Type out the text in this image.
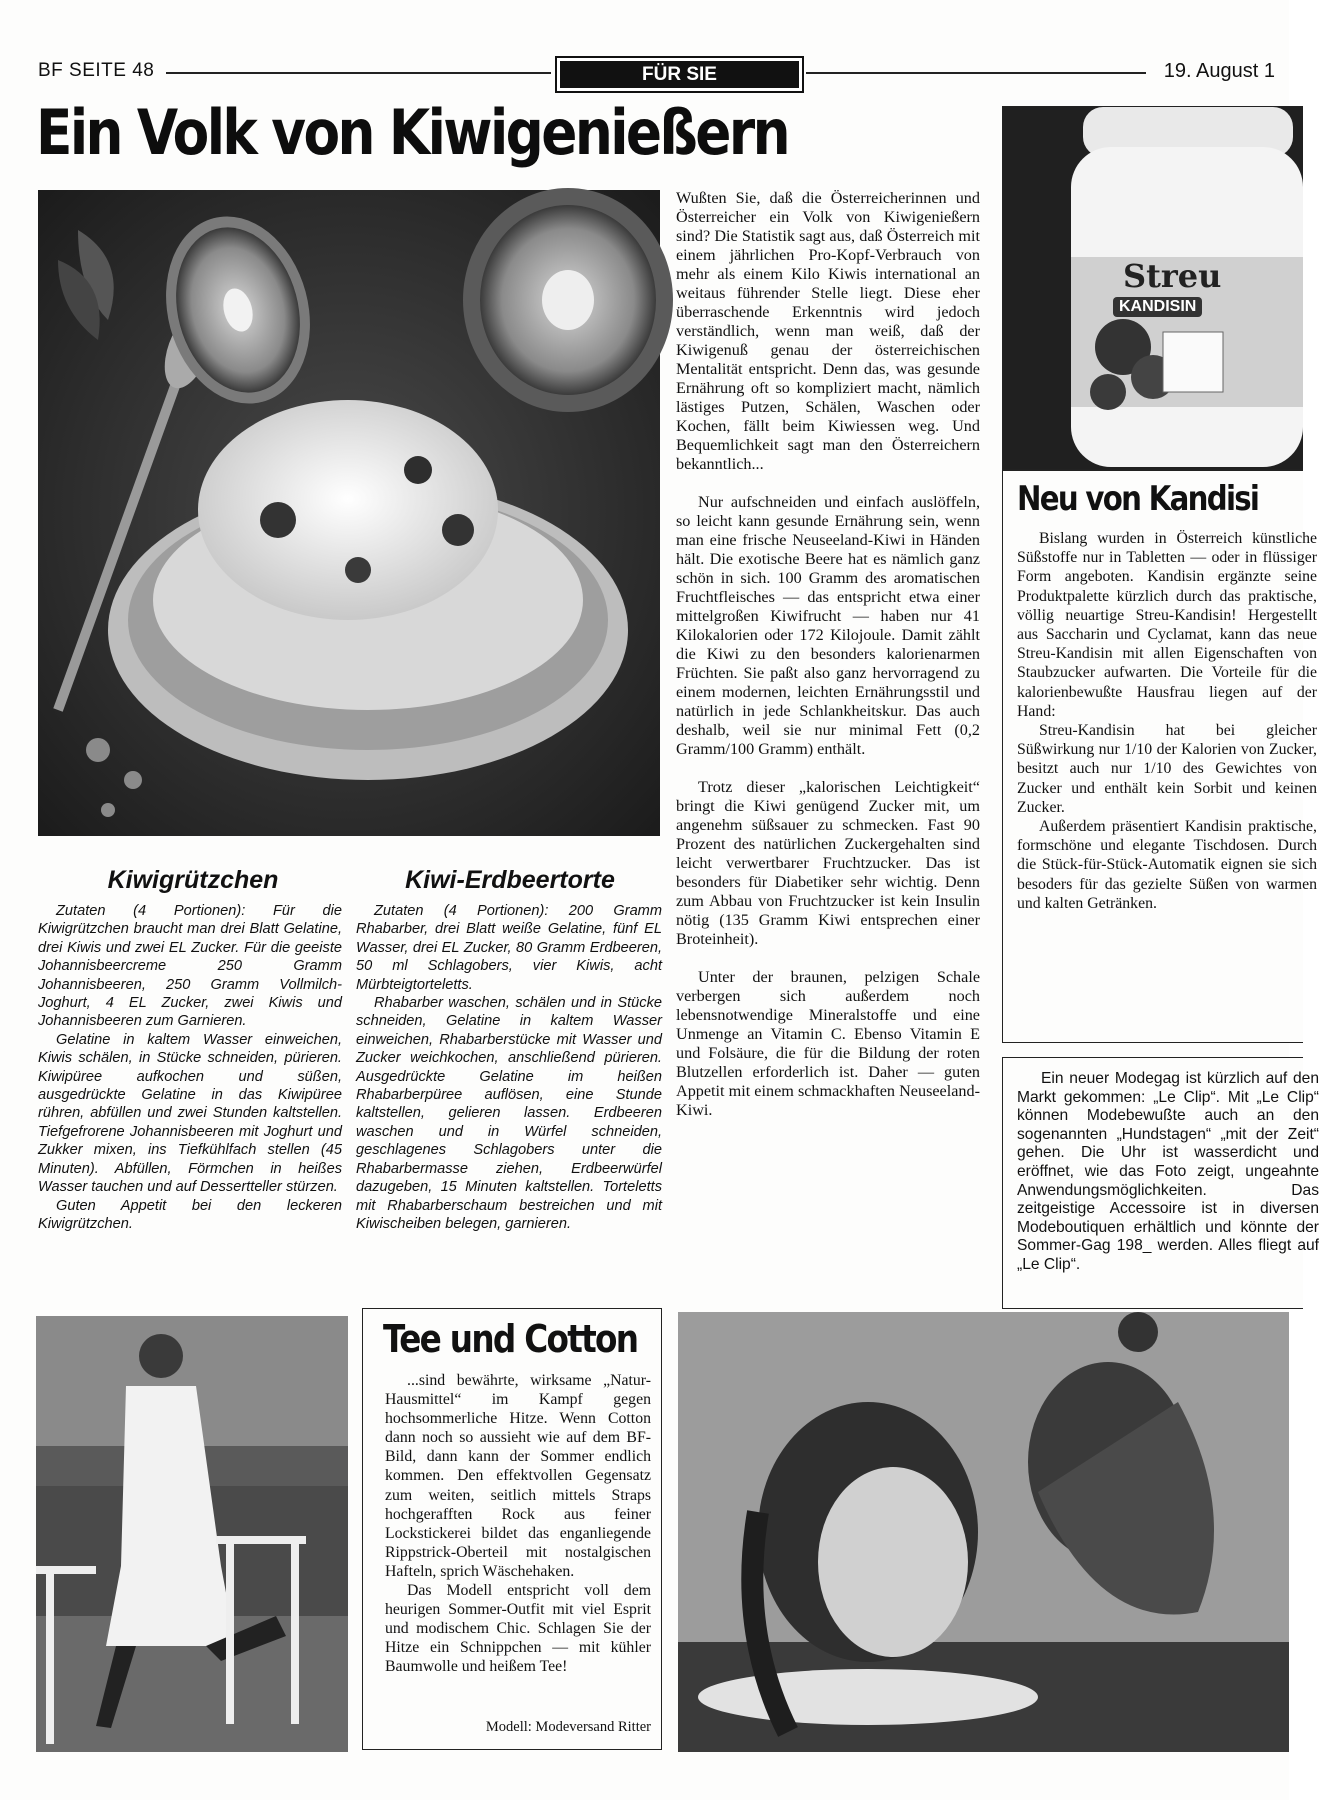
BF SEITE 48	FÜR SIE	19. August 1
Ein Volk von Kiwigenießern

Wußten Sie, daß die Österreicherinnen und Österreicher ein Volk von Kiwigenießern sind? Die Statistik sagt aus, daß Österreich mit einem jährlichen Pro-Kopf-Verbrauch von mehr als einem Kilo Kiwis international an weitaus führender Stelle liegt. Diese eher überraschende Erkenntnis wird jedoch verständlich, wenn man weiß, daß der Kiwigenuß genau der österreichischen Mentalität entspricht. Denn das, was gesunde Ernährung oft so kompliziert macht, nämlich lästiges Putzen, Schälen, Waschen oder Kochen, fällt beim Kiwiessen weg. Und Bequemlichkeit sagt man den Österreichern bekanntlich...

Nur aufschneiden und einfach auslöffeln, so leicht kann gesunde Ernährung sein, wenn man eine frische Neuseeland-Kiwi in Händen hält. Die exotische Beere hat es nämlich ganz schön in sich. 100 Gramm des aromatischen Fruchtfleisches — das entspricht etwa einer mittelgroßen Kiwifrucht — haben nur 41 Kilokalorien oder 172 Kilojoule. Damit zählt die Kiwi zu den besonders kalorienarmen Früchten. Sie paßt also ganz hervorragend zu einem modernen, leichten Ernährungsstil und natürlich in jede Schlankheitskur. Das auch deshalb, weil sie nur minimal Fett (0,2 Gramm/100 Gramm) enthält.

Trotz dieser „kalorischen Leichtigkeit“ bringt die Kiwi genügend Zucker mit, um angenehm süßsauer zu schmecken. Fast 90 Prozent des natürlichen Zuckergehalten sind leicht verwertbarer Fruchtzucker. Das ist besonders für Diabetiker sehr wichtig. Denn zum Abbau von Fruchtzucker ist kein Insulin nötig (135 Gramm Kiwi entsprechen einer Broteinheit).

Unter der braunen, pelzigen Schale verbergen sich außerdem noch lebensnotwendige Mineralstoffe und eine Unmenge an Vitamin C. Ebenso Vitamin E und Folsäure, die für die Bildung der roten Blutzellen erforderlich ist. Daher — guten Appetit mit einem schmackhaften Neuseeland-Kiwi.

Kiwigrützchen

Zutaten (4 Portionen): Für die Kiwigrützchen braucht man drei Blatt Gelatine, drei Kiwis und zwei EL Zucker. Für die geeiste Johannisbeercreme 250 Gramm Johannisbeeren, 250 Gramm Vollmilch-Joghurt, 4 EL Zucker, zwei Kiwis und Johannisbeeren zum Garnieren.

Gelatine in kaltem Wasser einweichen, Kiwis schälen, in Stücke schneiden, pürieren. Kiwipüree aufkochen und süßen, ausgedrückte Gelatine in das Kiwipüree rühren, abfüllen und zwei Stunden kaltstellen. Tiefgefrorene Johannisbeeren mit Joghurt und Zukker mixen, ins Tiefkühlfach stellen (45 Minuten). Abfüllen, Förmchen in heißes Wasser tauchen und auf Dessertteller stürzen.

Guten Appetit bei den leckeren Kiwigrützchen.

Kiwi-Erdbeertorte

Zutaten (4 Portionen): 200 Gramm Rhabarber, drei Blatt weiße Gelatine, fünf EL Wasser, drei EL Zucker, 80 Gramm Erdbeeren, 50 ml Schlagobers, vier Kiwis, acht Mürbteigtorteletts.

Rhabarber waschen, schälen und in Stücke schneiden, Gelatine in kaltem Wasser einweichen, Rhabarberstücke mit Wasser und Zucker weichkochen, anschließend pürieren. Ausgedrückte Gelatine im heißen Rhabarberpüree auflösen, eine Stunde kaltstellen, gelieren lassen. Erdbeeren waschen und in Würfel schneiden, geschlagenes Schlagobers unter die Rhabarbermasse ziehen, Erdbeerwürfel dazugeben, 15 Minuten kaltstellen. Torteletts mit Rhabarberschaum bestreichen und mit Kiwischeiben belegen, garnieren.

Streu
KANDISIN
Neu von Kandisi

Bislang wurden in Österreich künstliche Süßstoffe nur in Tabletten — oder in flüssiger Form angeboten. Kandisin ergänzte seine Produktpalette kürzlich durch das praktische, völlig neuartige Streu-Kandisin! Hergestellt aus Saccharin und Cyclamat, kann das neue Streu-Kandisin mit allen Eigenschaften von Staubzucker aufwarten. Die Vorteile für die kalorienbewußte Hausfrau liegen auf der Hand:

Streu-Kandisin hat bei gleicher Süßwirkung nur 1/10 der Kalorien von Zucker, besitzt auch nur 1/10 des Gewichtes von Zucker und enthält kein Sorbit und keinen Zucker.

Außerdem präsentiert Kandisin praktische, formschöne und elegante Tischdosen. Durch die Stück-für-Stück-Automatik eignen sie sich besoders für das gezielte Süßen von warmen und kalten Getränken.

Ein neuer Modegag ist kürzlich auf den Markt gekommen: „Le Clip“. Mit „Le Clip“ können Modebewußte auch an den sogenannten „Hundstagen“ „mit der Zeit“ gehen. Die Uhr ist wasserdicht und eröffnet, wie das Foto zeigt, ungeahnte Anwendungsmöglichkeiten. Das zeitgeistige Accessoire ist in diversen Modeboutiquen erhältlich und könnte der Sommer-Gag 198_ werden. Alles fliegt auf „Le Clip“.

Tee und Cotton

...sind bewährte, wirksame „Natur-Hausmittel“ im Kampf gegen hochsommerliche Hitze. Wenn Cotton dann noch so aussieht wie auf dem BF-Bild, dann kann der Sommer endlich kommen. Den effektvollen Gegensatz zum weiten, seitlich mittels Straps hochgerafften Rock aus feiner Lockstickerei bildet das enganliegende Rippstrick-Oberteil mit nostalgischen Hafteln, sprich Wäschehaken.

Das Modell entspricht voll dem heurigen Sommer-Outfit mit viel Esprit und modischem Chic. Schlagen Sie der Hitze ein Schnippchen — mit kühler Baumwolle und heißem Tee!

Modell: Modeversand Ritter
